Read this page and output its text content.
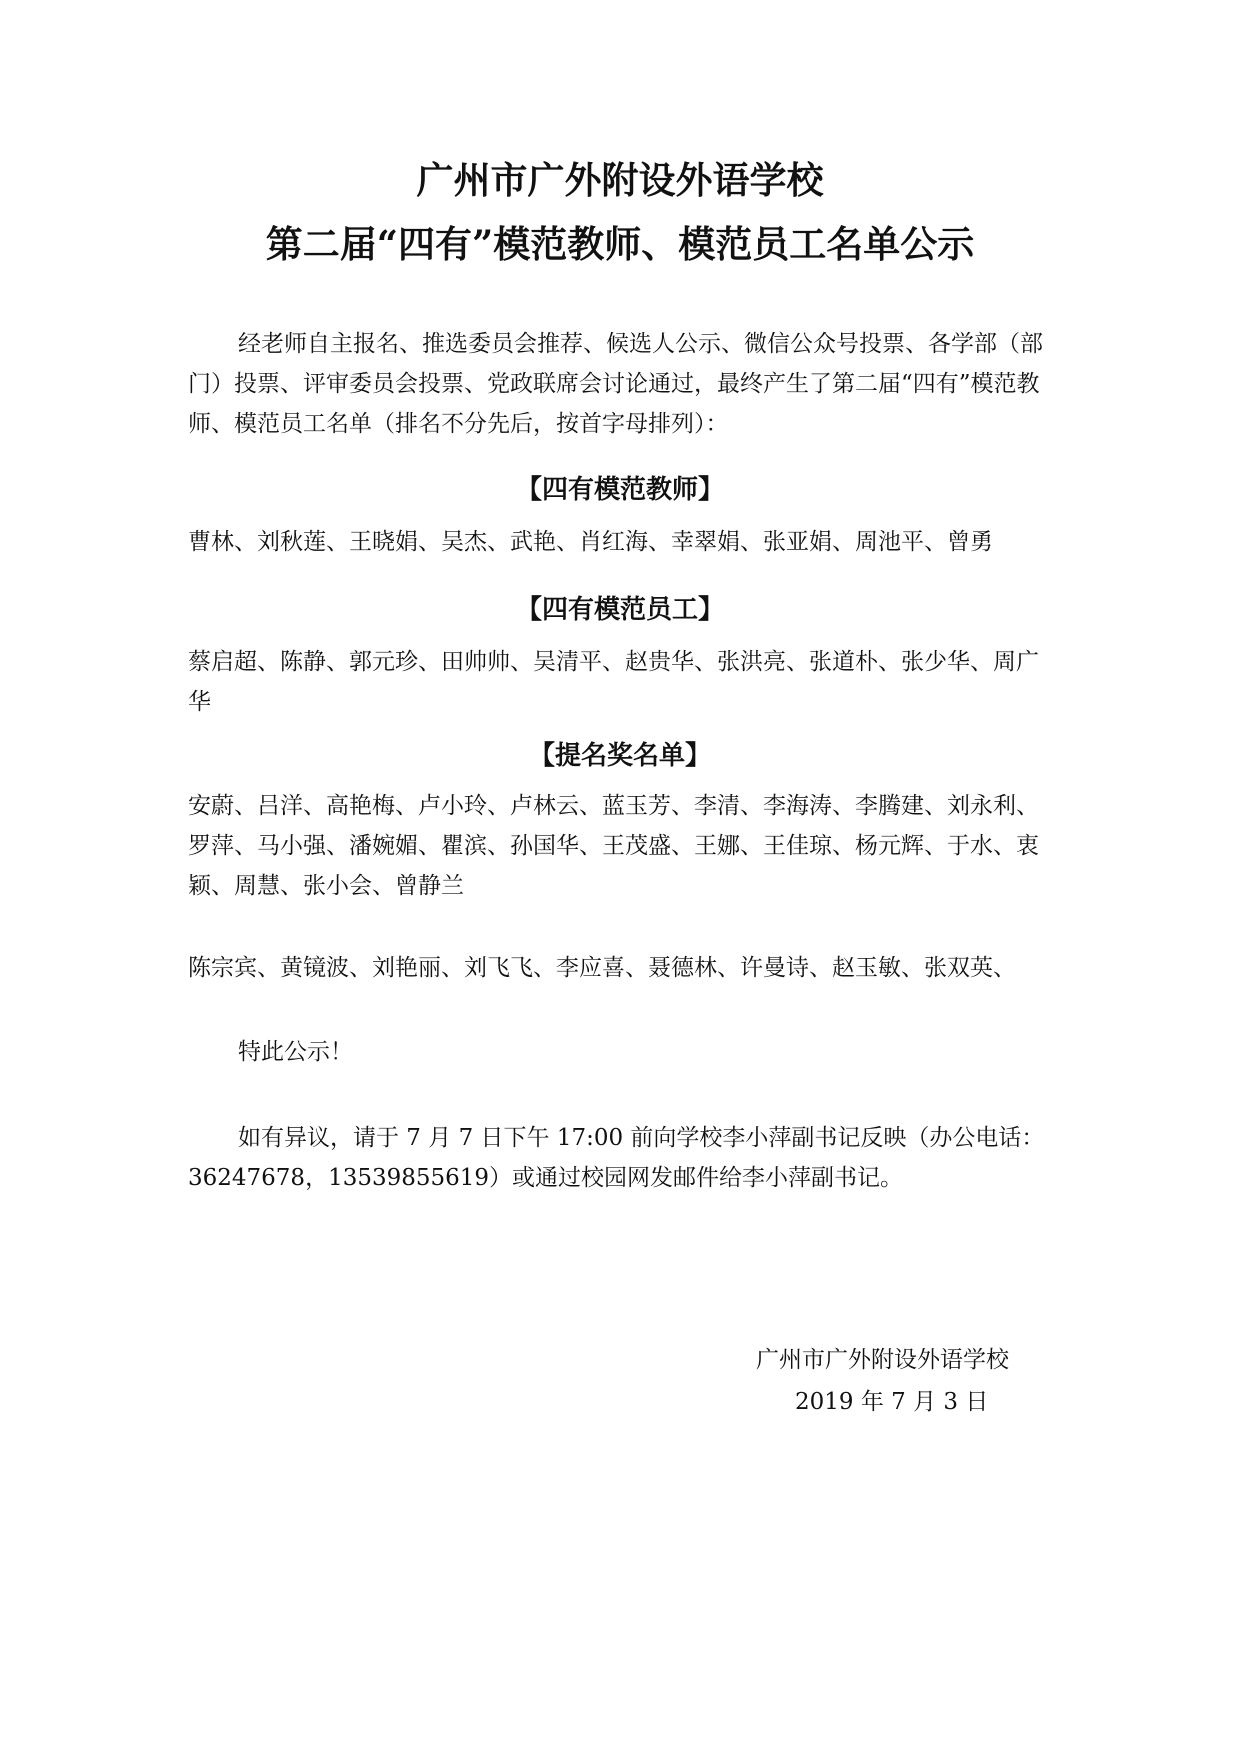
广州市广外附设外语学校
第二届“四有”模范教师、模范员工名单公示

经老师自主报名、推选委员会推荐、候选人公示、微信公众号投票、各学部（部门）投票、评审委员会投票、党政联席会讨论通过，最终产生了第二届“四有”模范教师、模范员工名单（排名不分先后，按首字母排列）：

【四有模范教师】

曹林、刘秋莲、王晓娟、吴杰、武艳、肖红海、幸翠娟、张亚娟、周池平、曾勇

【四有模范员工】

蔡启超、陈静、郭元珍、田帅帅、吴清平、赵贵华、张洪亮、张道朴、张少华、周广华

【提名奖名单】

安蔚、吕洋、高艳梅、卢小玲、卢林云、蓝玉芳、李清、李海涛、李腾建、刘永利、罗萍、马小强、潘婉媚、瞿滨、孙国华、王茂盛、王娜、王佳琼、杨元辉、于水、衷颖、周慧、张小会、曾静兰

陈宗宾、黄镜波、刘艳丽、刘飞飞、李应喜、聂德林、许曼诗、赵玉敏、张双英、

特此公示！

如有异议，请于 7 月 7 日下午 17:00 前向学校李小萍副书记反映（办公电话：36247678，13539855619）或通过校园网发邮件给李小萍副书记。

广州市广外附设外语学校
2019 年 7 月 3 日
